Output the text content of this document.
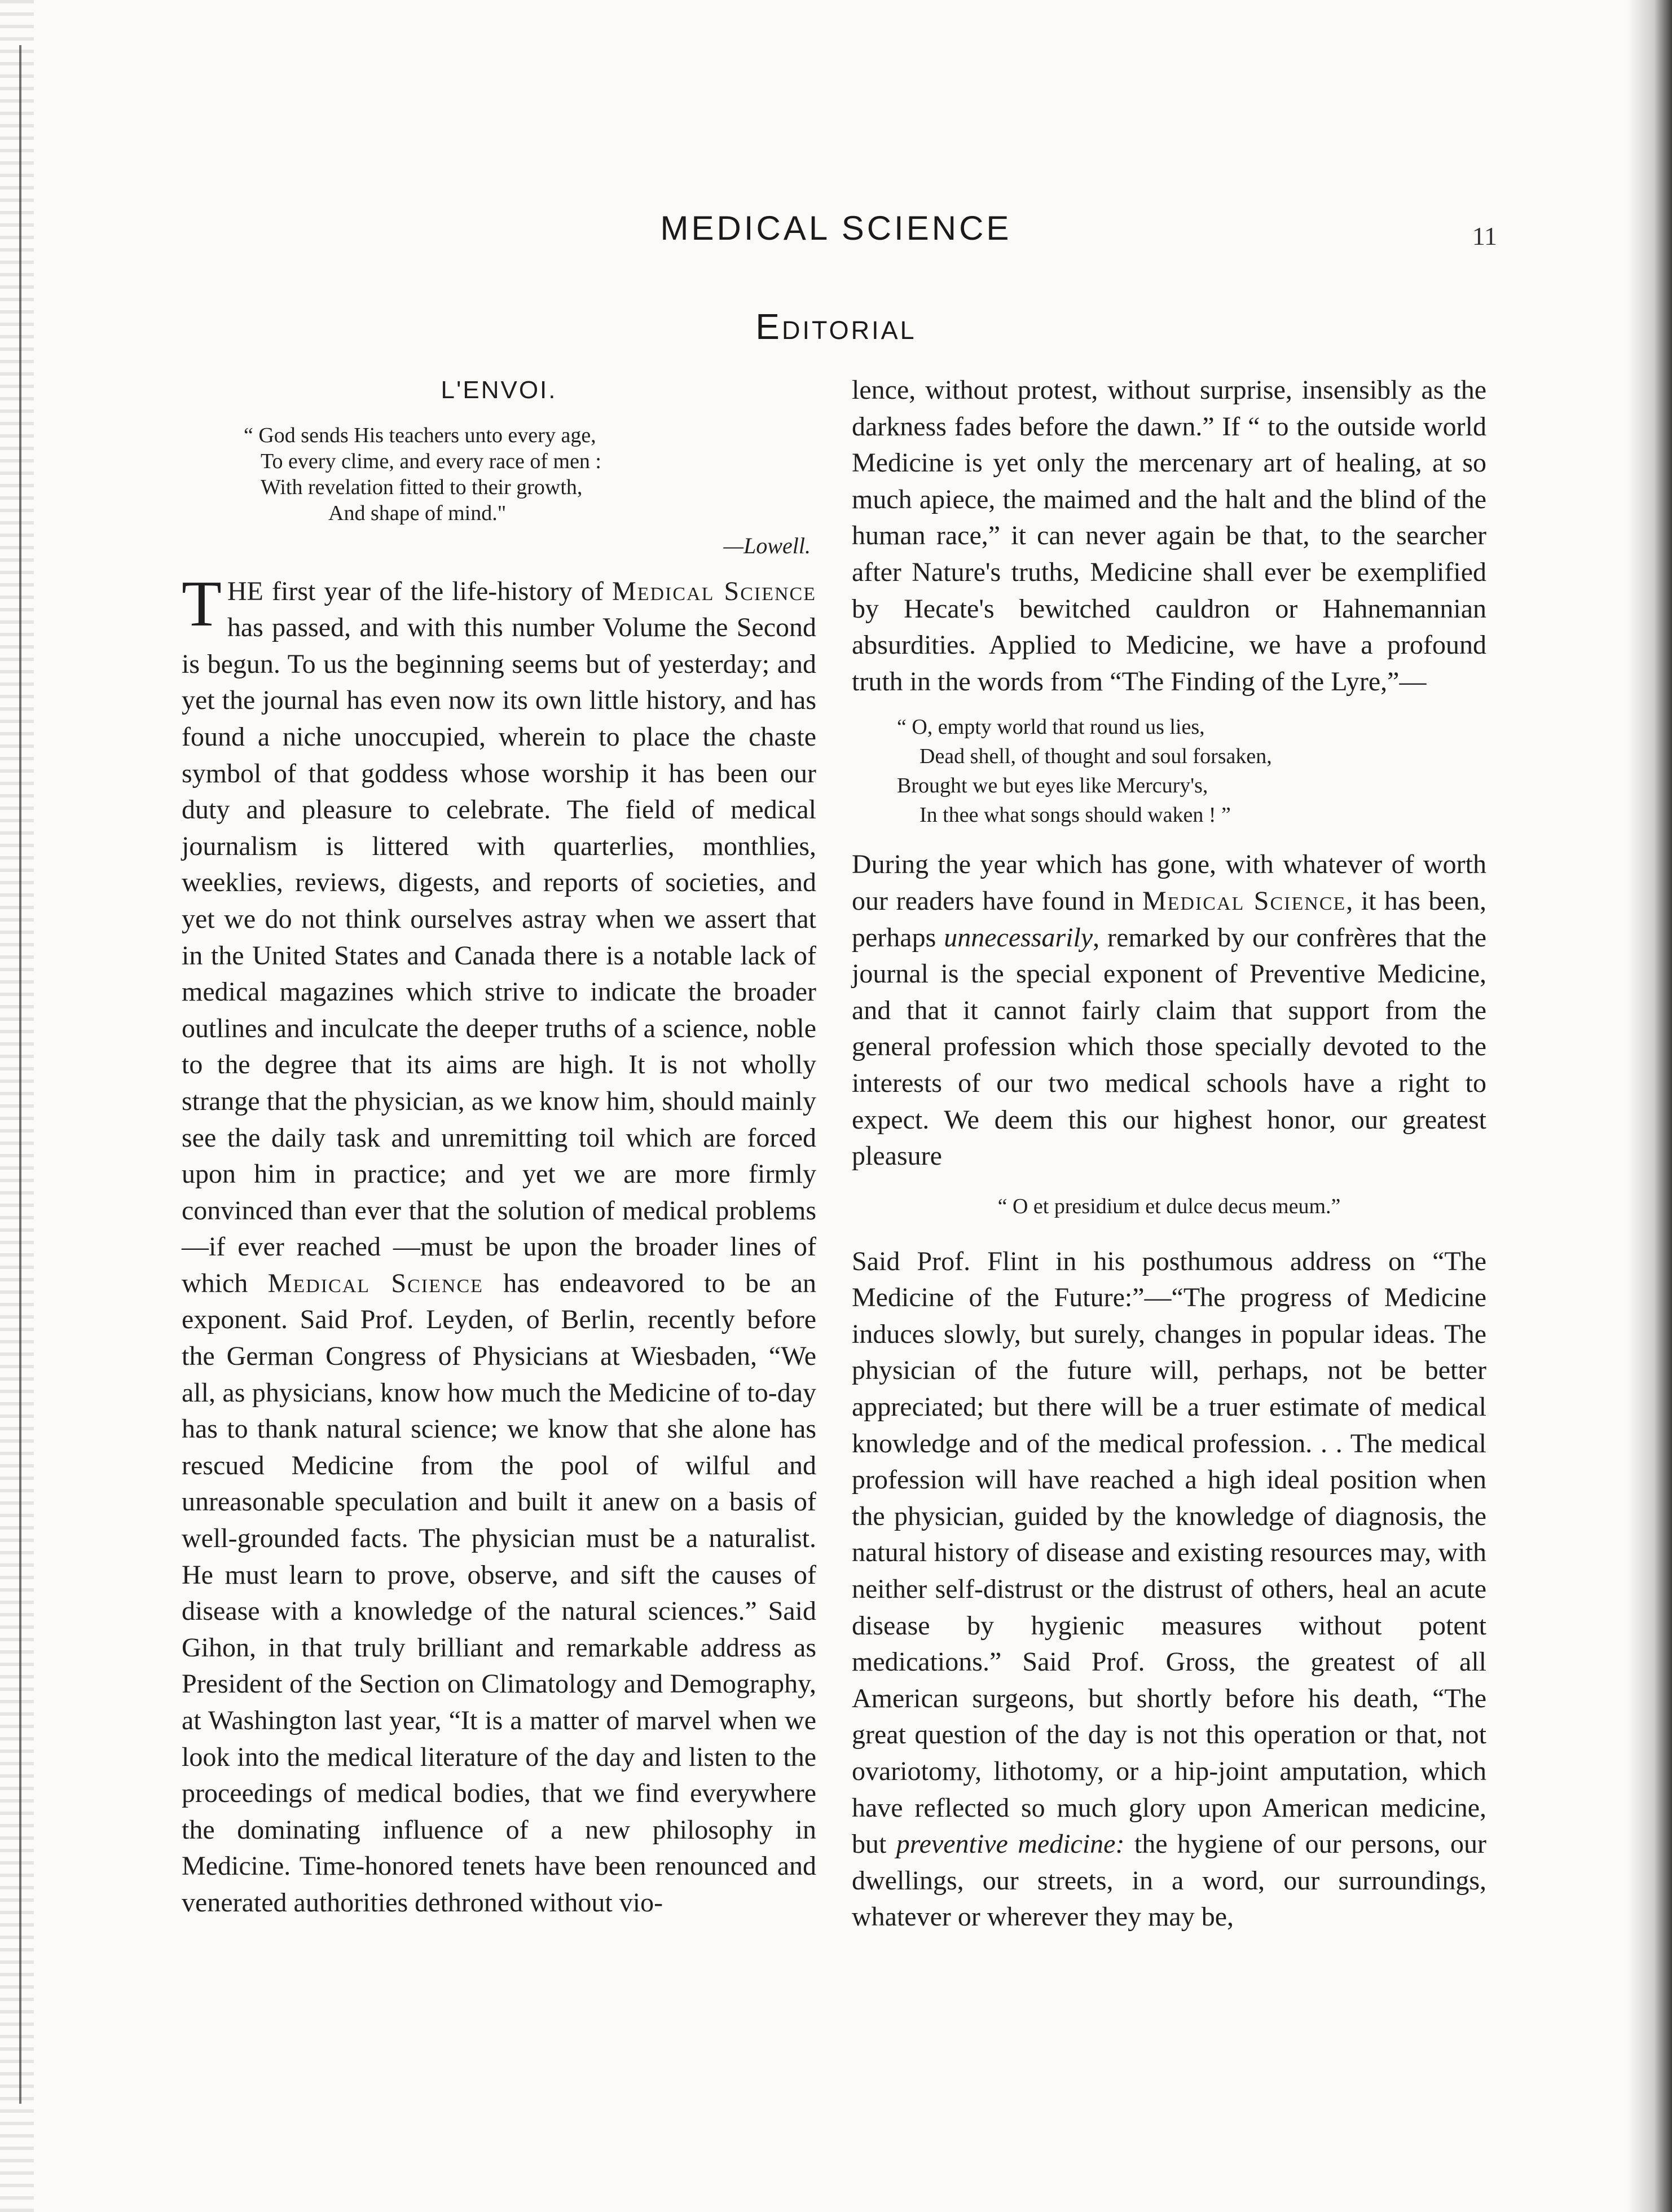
MEDICAL SCIENCE	11
Editorial
L'ENVOI.
“ God sends His teachers unto every age,
To every clime, and every race of men :
With revelation fitted to their growth,
And shape of mind."
—Lowell.

THE first year of the life-history of Medical Science has passed, and with this number Volume the Second is begun. To us the beginning seems but of yesterday; and yet the journal has even now its own little history, and has found a niche unoccupied, wherein to place the chaste symbol of that goddess whose worship it has been our duty and pleasure to celebrate. The field of medical journalism is littered with quarterlies, monthlies, weeklies, reviews, digests, and reports of societies, and yet we do not think ourselves astray when we assert that in the United States and Canada there is a notable lack of medical magazines which strive to indicate the broader outlines and inculcate the deeper truths of a science, noble to the degree that its aims are high. It is not wholly strange that the physician, as we know him, should mainly see the daily task and unremitting toil which are forced upon him in practice; and yet we are more firmly convinced than ever that the solution of medical problems—if ever reached —must be upon the broader lines of which Medical Science has endeavored to be an exponent. Said Prof. Leyden, of Berlin, recently before the German Congress of Physicians at Wiesbaden, “We all, as physicians, know how much the Medicine of to-day has to thank natural science; we know that she alone has rescued Medicine from the pool of wilful and unreasonable speculation and built it anew on a basis of well-grounded facts. The physician must be a naturalist. He must learn to prove, observe, and sift the causes of disease with a knowledge of the natural sciences.” Said Gihon, in that truly brilliant and remarkable address as President of the Section on Climatology and Demography, at Washington last year, “It is a matter of marvel when we look into the medical literature of the day and listen to the proceedings of medical bodies, that we find everywhere the dominating influence of a new philosophy in Medicine. Time-honored tenets have been renounced and venerated authorities dethroned without vio-

lence, without protest, without surprise, insensibly as the darkness fades before the dawn.” If “ to the outside world Medicine is yet only the mercenary art of healing, at so much apiece, the maimed and the halt and the blind of the human race,” it can never again be that, to the searcher after Nature's truths, Medicine shall ever be exemplified by Hecate's bewitched cauldron or Hahnemannian absurdities. Applied to Medicine, we have a profound truth in the words from “The Finding of the Lyre,”—

“ O, empty world that round us lies,
Dead shell, of thought and soul forsaken,
Brought we but eyes like Mercury's,
In thee what songs should waken ! ”

During the year which has gone, with whatever of worth our readers have found in Medical Science, it has been, perhaps unnecessarily, remarked by our confrères that the journal is the special exponent of Preventive Medicine, and that it cannot fairly claim that support from the general profession which those specially devoted to the interests of our two medical schools have a right to expect. We deem this our highest honor, our greatest pleasure

“ O et presidium et dulce decus meum.”

Said Prof. Flint in his posthumous address on “The Medicine of the Future:”—“The progress of Medicine induces slowly, but surely, changes in popular ideas. The physician of the future will, perhaps, not be better appreciated; but there will be a truer estimate of medical knowledge and of the medical profession. . . The medical profession will have reached a high ideal position when the physician, guided by the knowledge of diagnosis, the natural history of disease and existing resources may, with neither self-distrust or the distrust of others, heal an acute disease by hygienic measures without potent medications.” Said Prof. Gross, the greatest of all American surgeons, but shortly before his death, “The great question of the day is not this operation or that, not ovariotomy, lithotomy, or a hip-joint amputation, which have reflected so much glory upon American medicine, but preventive medicine: the hygiene of our persons, our dwellings, our streets, in a word, our surroundings, whatever or wherever they may be,
